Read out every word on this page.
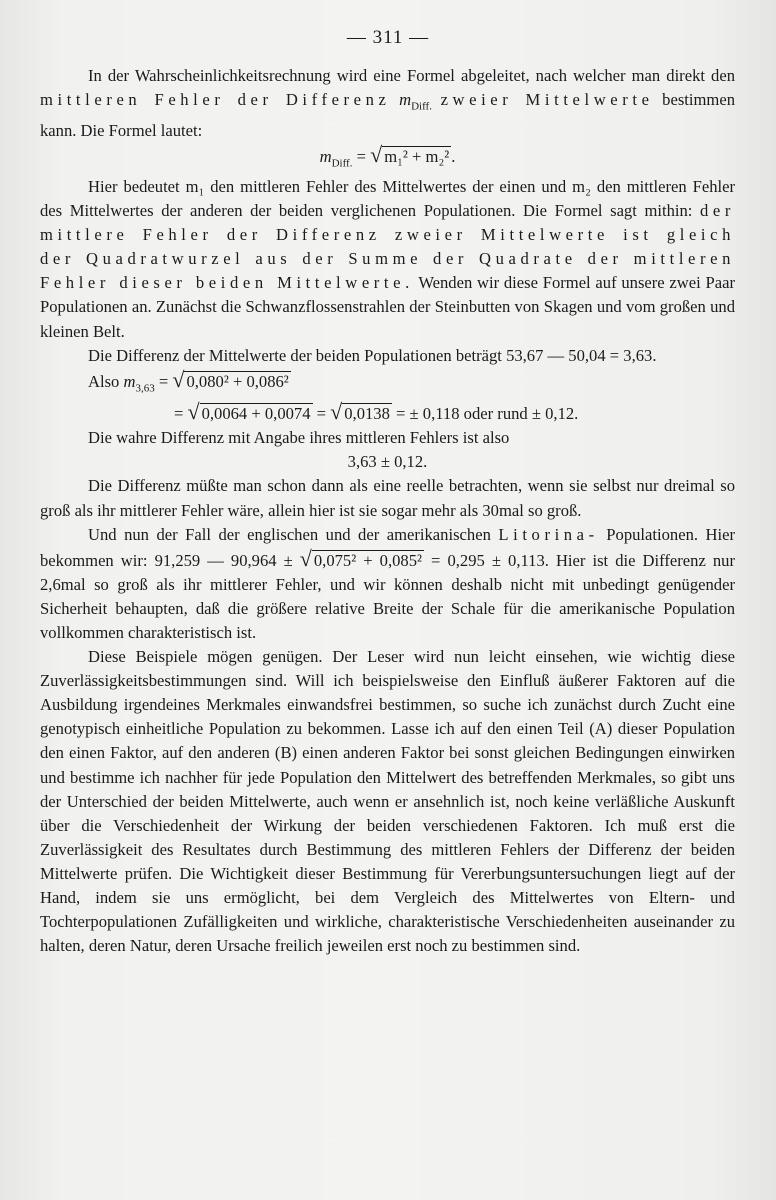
— 311 —

In der Wahrscheinlichkeitsrechnung wird eine Formel abgeleitet, nach welcher man direkt den mittleren Fehler der Differenz $m_{Diff.}$ zweier Mittelwerte bestimmen kann. Die Formel lautet:

$m_{Diff.}$ = √ m₁² + m₂² .

Hier bedeutet m₁ den mittleren Fehler des Mittelwertes der einen und m₂ den mittleren Fehler des Mittelwertes der anderen der beiden verglichenen Populationen. Die Formel sagt mithin: der mittlere Fehler der Differenz zweier Mittelwerte ist gleich der Quadratwurzel aus der Summe der Quadrate der mittleren Fehler dieser beiden Mittelwerte. Wenden wir diese Formel auf unsere zwei Paar Populationen an. Zunächst die Schwanzflossenstrahlen der Steinbutten von Skagen und vom großen und kleinen Belt.

Die Differenz der Mittelwerte der beiden Populationen beträgt 53,67 — 50,04 = 3,63.

Also $m_{3,63}$ = √ 0,080² + 0,086²

= √ 0,0064 + 0,0074 = √ 0,0138 = ± 0,118 oder rund ± 0,12.

Die wahre Differenz mit Angabe ihres mittleren Fehlers ist also

3,63 ± 0,12.

Die Differenz müßte man schon dann als eine reelle betrachten, wenn sie selbst nur dreimal so groß als ihr mittlerer Fehler wäre, allein hier ist sie sogar mehr als 30mal so groß.

Und nun der Fall der englischen und der amerikanischen Litorina- Populationen. Hier bekommen wir: 91,259 — 90,964 ± √ 0,075² + 0,085² = 0,295 ± 0,113. Hier ist die Differenz nur 2,6mal so groß als ihr mittlerer Fehler, und wir können deshalb nicht mit unbedingt genügender Sicherheit behaupten, daß die größere relative Breite der Schale für die amerikanische Population vollkommen charakteristisch ist.

Diese Beispiele mögen genügen. Der Leser wird nun leicht einsehen, wie wichtig diese Zuverlässigkeitsbestimmungen sind. Will ich beispielsweise den Einfluß äußerer Faktoren auf die Ausbildung irgendeines Merkmales einwandsfrei bestimmen, so suche ich zunächst durch Zucht eine genotypisch einheitliche Population zu bekommen. Lasse ich auf den einen Teil (A) dieser Population den einen Faktor, auf den anderen (B) einen anderen Faktor bei sonst gleichen Bedingungen einwirken und bestimme ich nachher für jede Population den Mittelwert des betreffenden Merkmales, so gibt uns der Unterschied der beiden Mittelwerte, auch wenn er ansehnlich ist, noch keine verläßliche Auskunft über die Verschiedenheit der Wirkung der beiden verschiedenen Faktoren. Ich muß erst die Zuverlässigkeit des Resultates durch Bestimmung des mittleren Fehlers der Differenz der beiden Mittelwerte prüfen. Die Wichtigkeit dieser Bestimmung für Vererbungsuntersuchungen liegt auf der Hand, indem sie uns ermöglicht, bei dem Vergleich des Mittelwertes von Eltern- und Tochterpopulationen Zufälligkeiten und wirkliche, charakteristische Verschiedenheiten auseinander zu halten, deren Natur, deren Ursache freilich jeweilen erst noch zu bestimmen sind.
